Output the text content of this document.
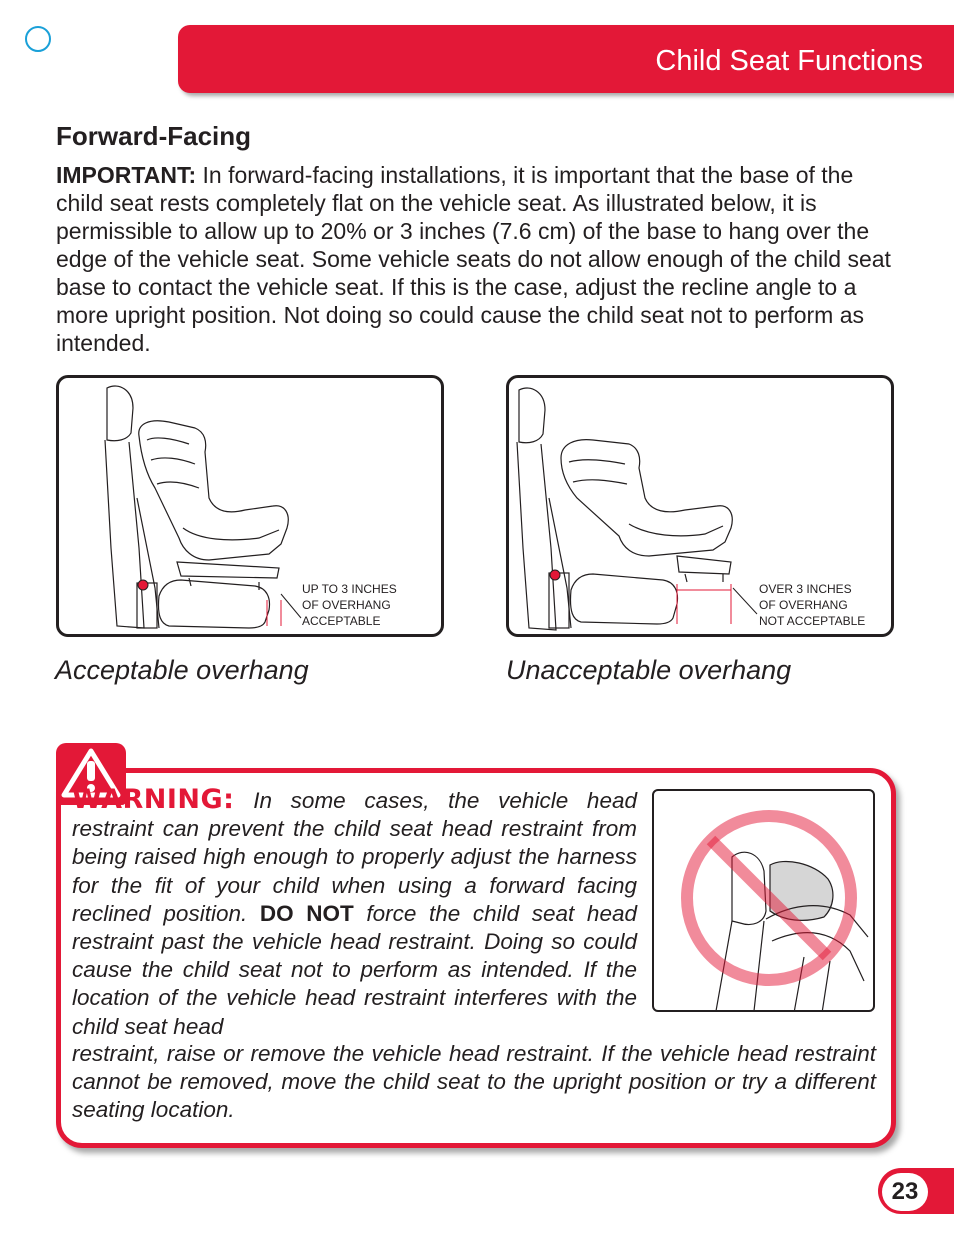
Child Seat Functions
Forward-Facing

IMPORTANT: In forward-facing installations, it is important that the base of the child seat rests completely flat on the vehicle seat. As illustrated below, it is permissible to allow up to 20% or 3 inches (7.6 cm) of the base to hang over the edge of the vehicle seat. Some vehicle seats do not allow enough of the child seat base to contact the vehicle seat. If this is the case, adjust the recline angle to a more upright position. Not doing so could cause the child seat not to perform as intended.

UP TO 3 INCHES
OF OVERHANG
ACCEPTABLE
OVER 3 INCHES
OF OVERHANG
NOT ACCEPTABLE

Acceptable overhang	Unacceptable overhang

WARNING: In some cases, the vehicle head restraint can prevent the child seat head restraint from being raised high enough to properly adjust the harness for the fit of your child when using a forward facing reclined position. DO NOT force the child seat head restraint past the vehicle head restraint. Doing so could cause the child seat not to perform as intended. If the location of the vehicle head restraint interferes with the child seat head

restraint, raise or remove the vehicle head restraint. If the vehicle head restraint cannot be removed, move the child seat to the upright position or try a different seating location.

23
